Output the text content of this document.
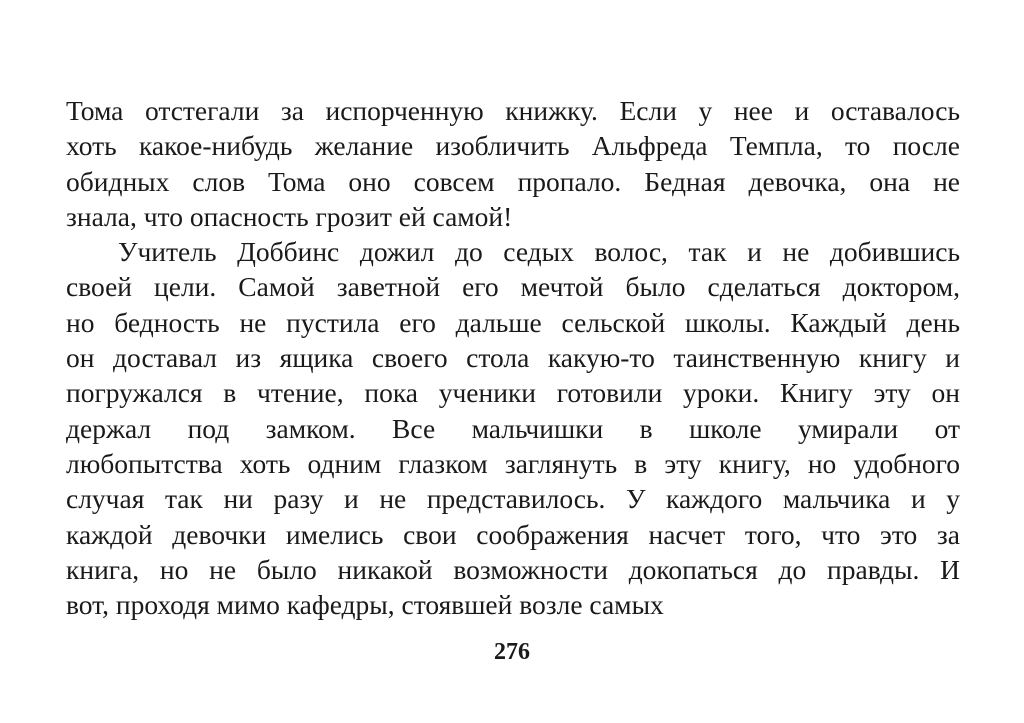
Тома отстегали за испорченную книжку. Если у нее и оставалось
хоть какое-нибудь желание изобличить Альфреда Темпла, то после
обидных слов Тома оно совсем пропало. Бедная девочка, она не
знала, что опасность грозит ей самой!
Учитель Доббинс дожил до седых волос, так и не добившись
своей цели. Самой заветной его мечтой было сделаться доктором,
но бедность не пустила его дальше сельской школы. Каждый день
он доставал из ящика своего стола какую-то таинственную книгу и
погружался в чтение, пока ученики готовили уроки. Книгу эту он
держал под замком. Все мальчишки в школе умирали от
любопытства хоть одним глазком заглянуть в эту книгу, но удобного
случая так ни разу и не представилось. У каждого мальчика и у
каждой девочки имелись свои соображения насчет того, что это за
книга, но не было никакой возможности докопаться до правды. И
вот, проходя мимо кафедры, стоявшей возле самых
276
